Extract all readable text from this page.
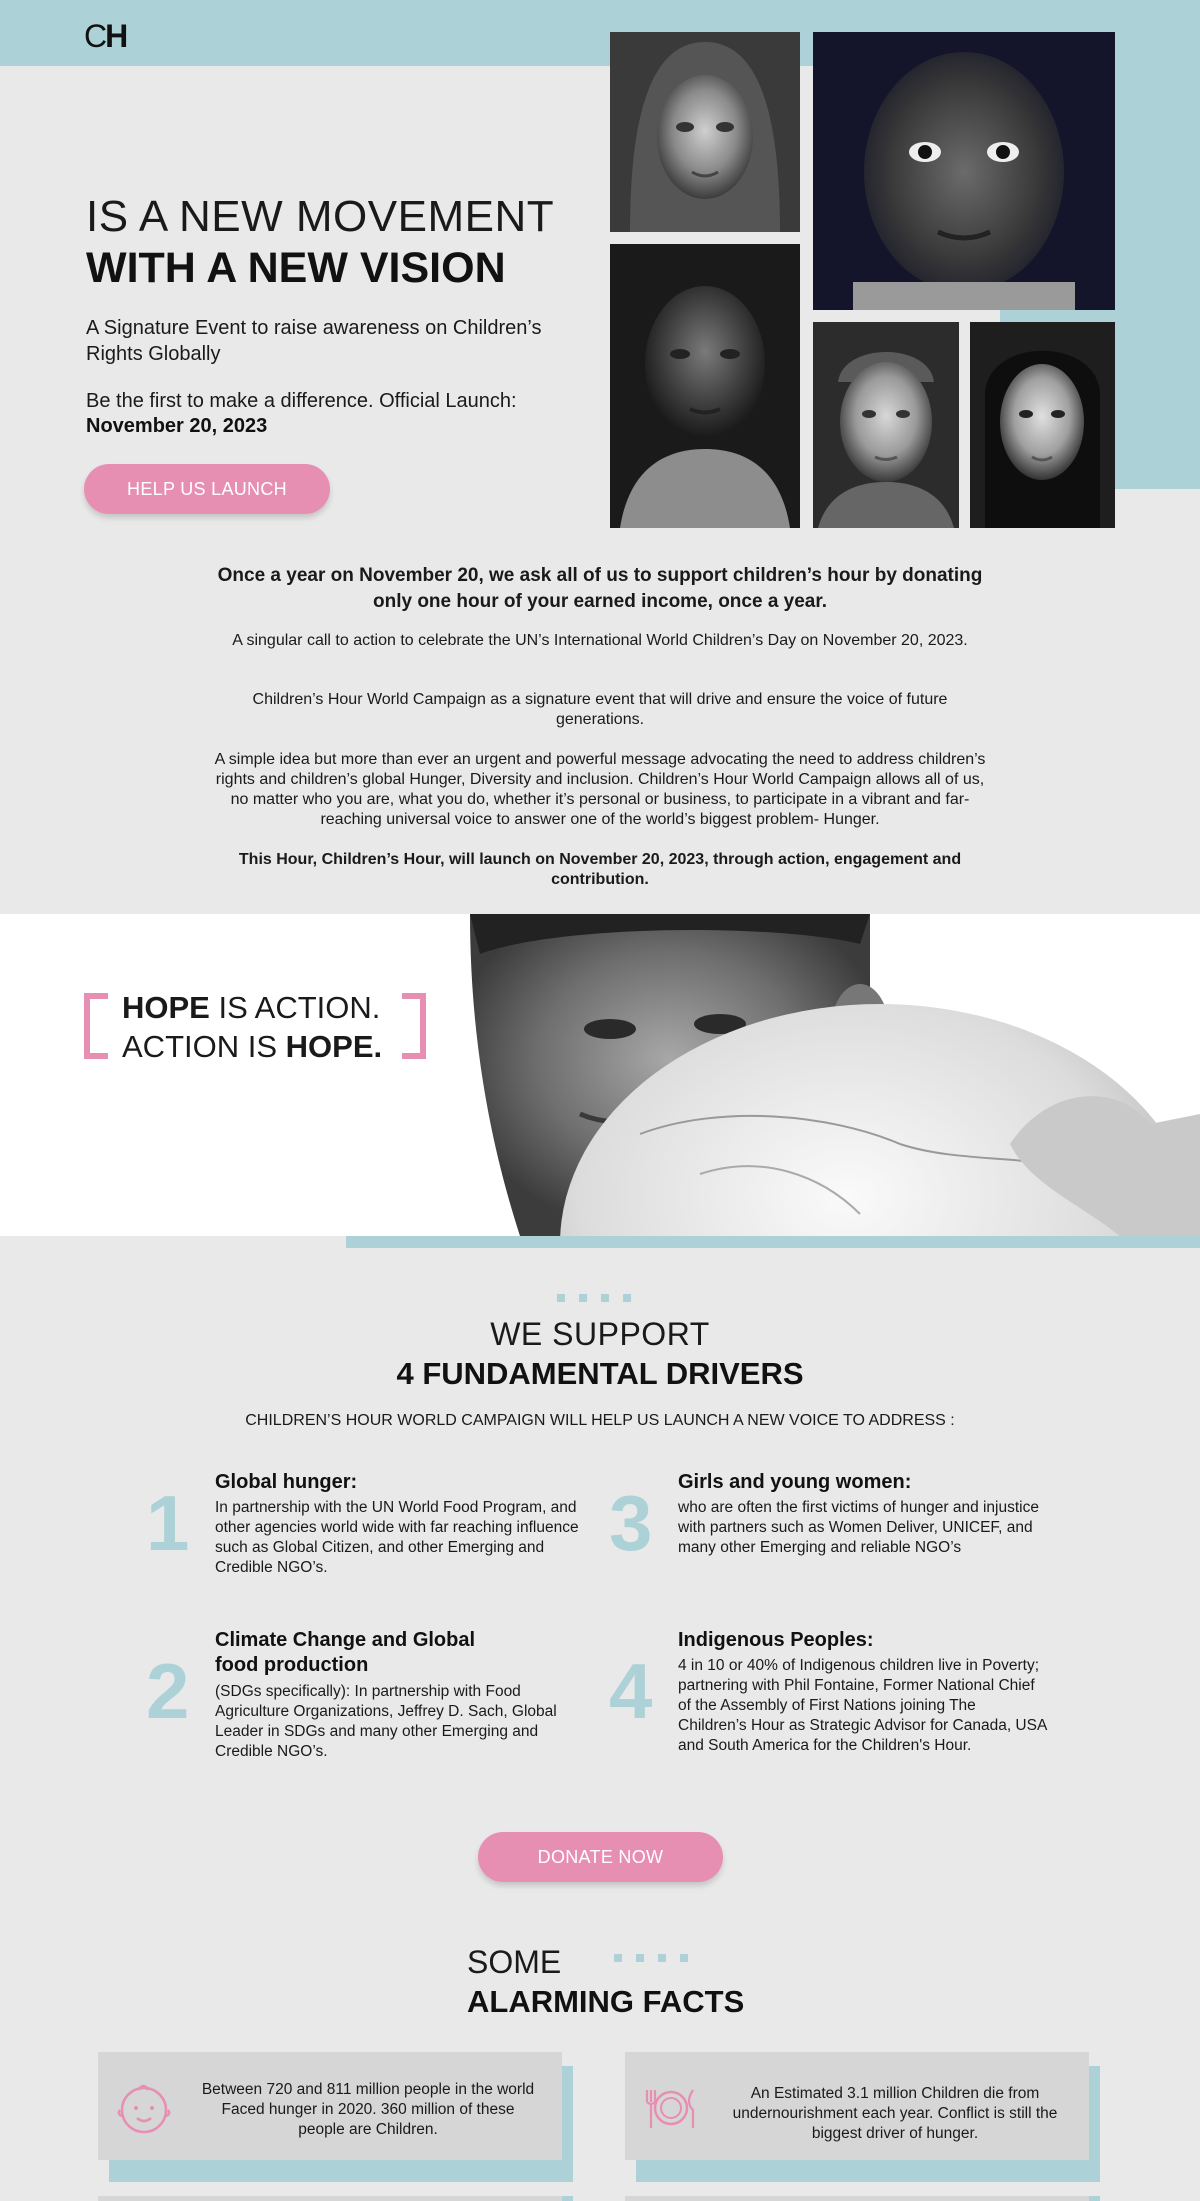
CH
IS A NEW MOVEMENT
WITH A NEW VISION
A Signature Event to raise awareness on Children’s Rights Globally
Be the first to make a difference. Official Launch:
November 20, 2023
HELP US LAUNCH
Once a year on November 20, we ask all of us to support children’s hour by donating only one hour of your earned income, once a year.
A singular call to action to celebrate the UN’s International World Children’s Day on November 20, 2023.
Children’s Hour World Campaign as a signature event that will drive and ensure the voice of future generations.
A simple idea but more than ever an urgent and powerful message advocating the need to address children’s rights and children’s global Hunger, Diversity and inclusion. Children’s Hour World Campaign allows all of us, no matter who you are, what you do, whether it’s personal or business, to participate in a vibrant and far-reaching universal voice to answer one of the world’s biggest problem- Hunger.
This Hour, Children’s Hour, will launch on November 20, 2023, through action, engagement and contribution.
HOPE IS ACTION.
ACTION IS HOPE.
WE SUPPORT
4 FUNDAMENTAL DRIVERS
CHILDREN’S HOUR WORLD CAMPAIGN WILL HELP US LAUNCH A NEW VOICE TO ADDRESS :
1 Global hunger:
In partnership with the UN World Food Program, and other agencies world wide with far reaching influence such as Global Citizen, and other Emerging and Credible NGO’s.
3 Girls and young women:
who are often the first victims of hunger and injustice with partners such as Women Deliver, UNICEF, and many other Emerging and reliable NGO’s
2
Climate Change and Global food production
(SDGs specifically): In partnership with Food Agriculture Organizations, Jeffrey D. Sach, Global Leader in SDGs and many other Emerging and Credible NGO’s.
4
Indigenous Peoples:
4 in 10 or 40% of Indigenous children live in Poverty; partnering with Phil Fontaine, Former National Chief of the Assembly of First Nations joining The Children’s Hour as Strategic Advisor for Canada, USA and South America for the Children's Hour.
DONATE NOW
SOME
ALARMING FACTS
Between 720 and 811 million people in the world Faced hunger in 2020. 360 million of these people are Children.
An Estimated 3.1 million Children die from undernourishment each year. Conflict is still the biggest driver of hunger.
